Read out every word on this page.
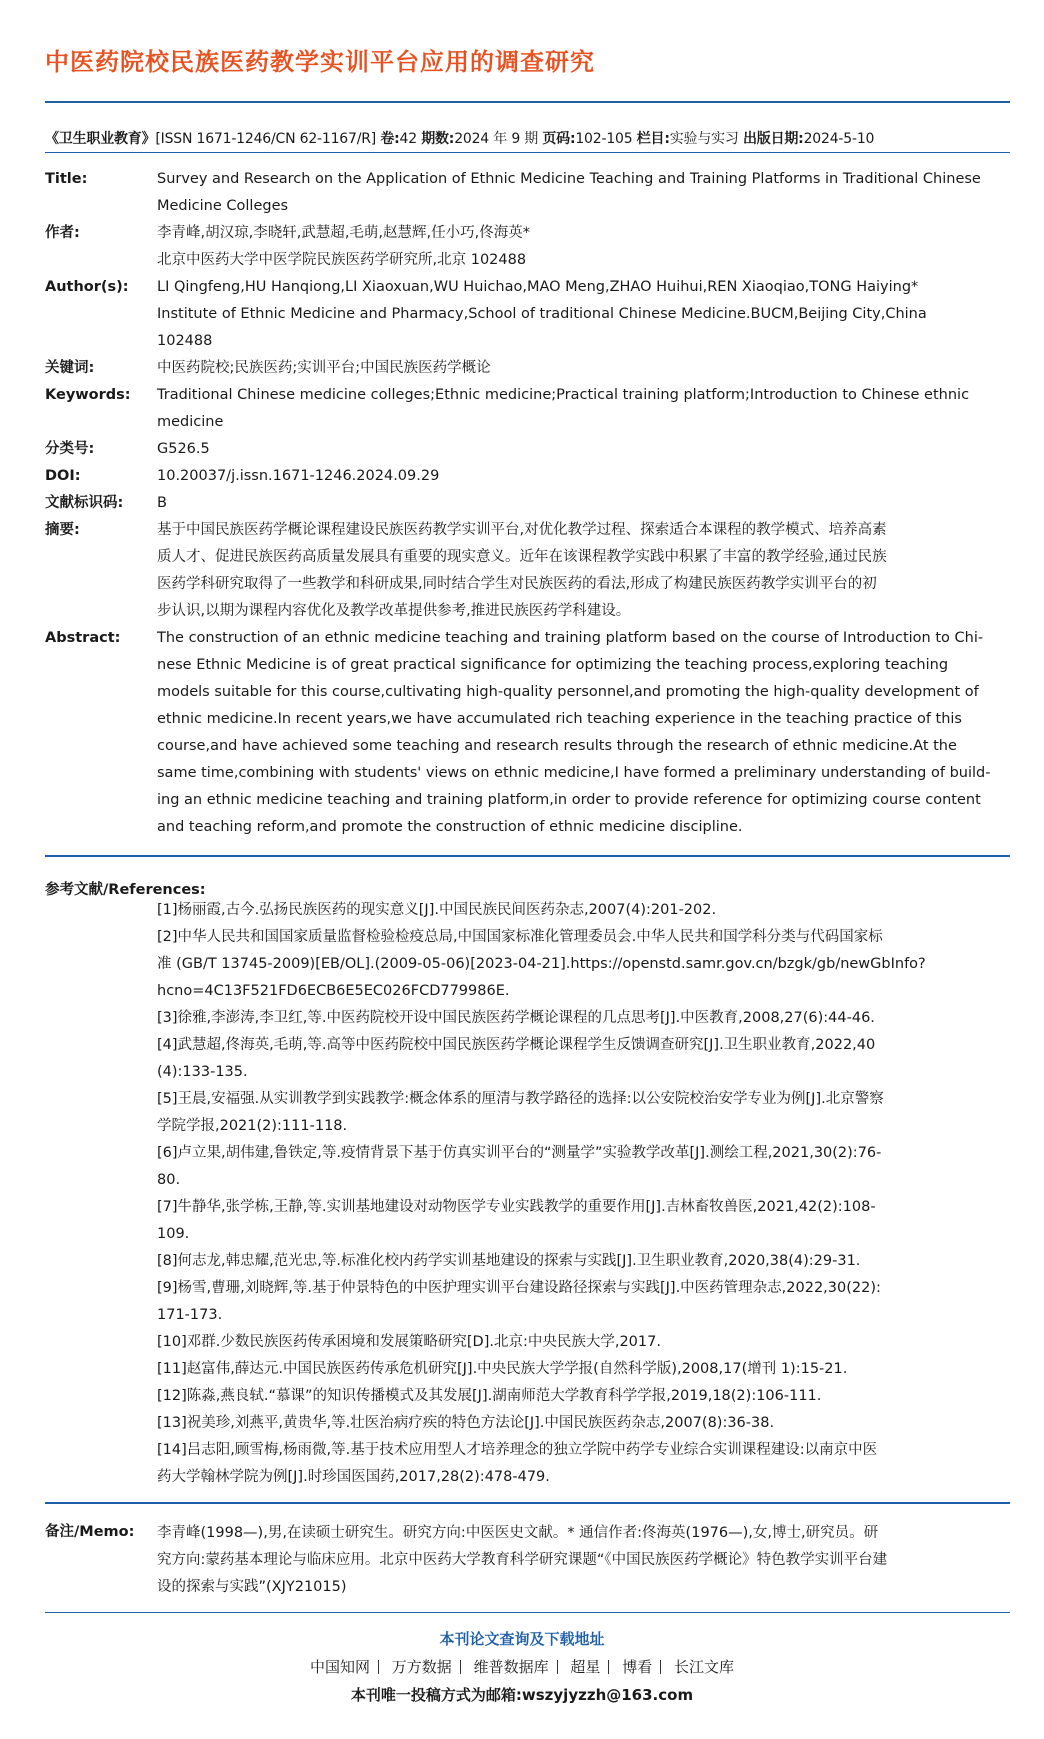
中医药院校民族医药教学实训平台应用的调查研究
《卫生职业教育》[ISSN 1671-1246/CN 62-1167/R] 卷:42 期数:2024 年 9 期 页码:102-105 栏目:实验与实习 出版日期:2024-5-10
Title:	Survey and Research on the Application of Ethnic Medicine Teaching and Training Platforms in Traditional Chinese
Medicine Colleges
作者:	李青峰,胡汉琼,李晓轩,武慧超,毛萌,赵慧辉,任小巧,佟海英*
北京中医药大学中医学院民族医药学研究所,北京 102488
Author(s):	LI Qingfeng,HU Hanqiong,LI Xiaoxuan,WU Huichao,MAO Meng,ZHAO Huihui,REN Xiaoqiao,TONG Haiying*
Institute of Ethnic Medicine and Pharmacy,School of traditional Chinese Medicine.BUCM,Beijing City,China
102488
关键词:	中医药院校;民族医药;实训平台;中国民族医药学概论
Keywords:	Traditional Chinese medicine colleges;Ethnic medicine;Practical training platform;Introduction to Chinese ethnic
medicine
分类号:	G526.5
DOI:	10.20037/j.issn.1671-1246.2024.09.29
文献标识码:	B
摘要:	基于中国民族医药学概论课程建设民族医药教学实训平台,对优化教学过程、探索适合本课程的教学模式、培养高素
质人才、促进民族医药高质量发展具有重要的现实意义。近年在该课程教学实践中积累了丰富的教学经验,通过民族
医药学科研究取得了一些教学和科研成果,同时结合学生对民族医药的看法,形成了构建民族医药教学实训平台的初
步认识,以期为课程内容优化及教学改革提供参考,推进民族医药学科建设。
Abstract:	The construction of an ethnic medicine teaching and training platform based on the course of Introduction to Chi-
nese Ethnic Medicine is of great practical significance for optimizing the teaching process,exploring teaching
models suitable for this course,cultivating high-quality personnel,and promoting the high-quality development of
ethnic medicine.In recent years,we have accumulated rich teaching experience in the teaching practice of this
course,and have achieved some teaching and research results through the research of ethnic medicine.At the
same time,combining with students' views on ethnic medicine,I have formed a preliminary understanding of build-
ing an ethnic medicine teaching and training platform,in order to provide reference for optimizing course content
and teaching reform,and promote the construction of ethnic medicine discipline.
参考文献/References:
[1]杨丽霞,古今.弘扬民族医药的现实意义[J].中国民族民间医药杂志,2007(4):201-202.
[2]中华人民共和国国家质量监督检验检疫总局,中国国家标准化管理委员会.中华人民共和国学科分类与代码国家标
准 (GB/T 13745-2009)[EB/OL].(2009-05-06)[2023-04-21].https://openstd.samr.gov.cn/bzgk/gb/newGbInfo?
hcno=4C13F521FD6ECB6E5EC026FCD779986E.
[3]徐雅,李澎涛,李卫红,等.中医药院校开设中国民族医药学概论课程的几点思考[J].中医教育,2008,27(6):44-46.
[4]武慧超,佟海英,毛萌,等.高等中医药院校中国民族医药学概论课程学生反馈调查研究[J].卫生职业教育,2022,40
(4):133-135.
[5]王晨,安福强.从实训教学到实践教学:概念体系的厘清与教学路径的选择:以公安院校治安学专业为例[J].北京警察
学院学报,2021(2):111-118.
[6]卢立果,胡伟建,鲁铁定,等.疫情背景下基于仿真实训平台的“测量学”实验教学改革[J].测绘工程,2021,30(2):76-
80.
[7]牛静华,张学栋,王静,等.实训基地建设对动物医学专业实践教学的重要作用[J].吉林畜牧兽医,2021,42(2):108-
109.
[8]何志龙,韩忠耀,范光忠,等.标准化校内药学实训基地建设的探索与实践[J].卫生职业教育,2020,38(4):29-31.
[9]杨雪,曹珊,刘晓辉,等.基于仲景特色的中医护理实训平台建设路径探索与实践[J].中医药管理杂志,2022,30(22):
171-173.
[10]邓群.少数民族医药传承困境和发展策略研究[D].北京:中央民族大学,2017.
[11]赵富伟,薛达元.中国民族医药传承危机研究[J].中央民族大学学报(自然科学版),2008,17(增刊 1):15-21.
[12]陈淼,燕良轼.“慕课”的知识传播模式及其发展[J].湖南师范大学教育科学学报,2019,18(2):106-111.
[13]祝美珍,刘燕平,黄贵华,等.壮医治病疗疾的特色方法论[J].中国民族医药杂志,2007(8):36-38.
[14]吕志阳,顾雪梅,杨雨微,等.基于技术应用型人才培养理念的独立学院中药学专业综合实训课程建设:以南京中医
药大学翰林学院为例[J].时珍国医国药,2017,28(2):478-479.
备注/Memo: 李青峰(1998—),男,在读硕士研究生。研究方向:中医医史文献。* 通信作者:佟海英(1976—),女,博士,研究员。研
究方向:蒙药基本理论与临床应用。北京中医药大学教育科学研究课题“《中国民族医药学概论》特色教学实训平台建
设的探索与实践”(XJY21015)
本刊论文查询及下载地址
中国知网 万方数据 维普数据库 超星 博看 长江文库
本刊唯一投稿方式为邮箱:wszyjyzzh@163.com
